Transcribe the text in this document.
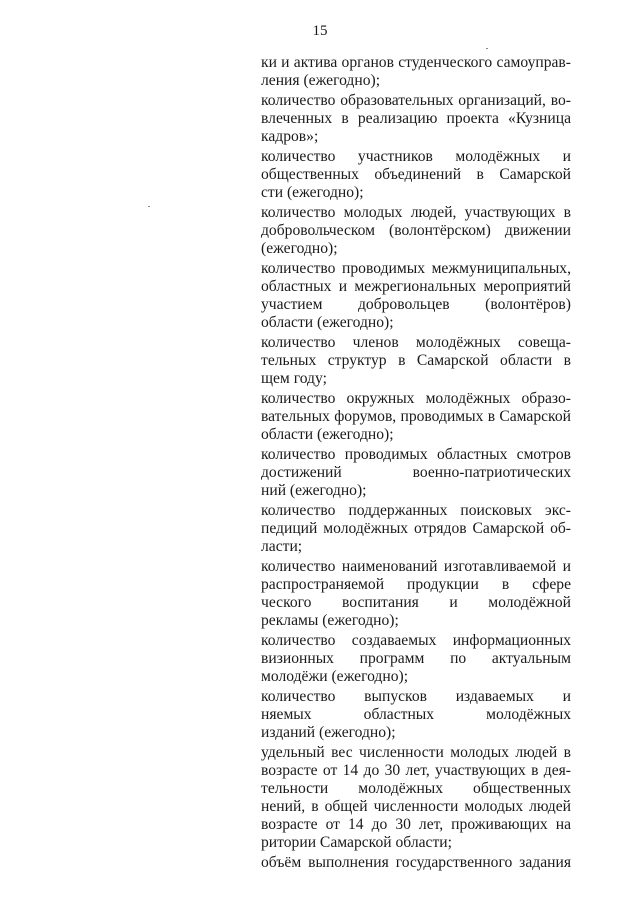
15
ки и актива органов студенческого самоуправ-
ления (ежегодно);
количество образовательных организаций, во-
влеченных в реализацию проекта «Кузница
кадров»;
количество участников молодёжных и
общественных объединений в Самарской
сти (ежегодно);
количество молодых людей, участвующих в
добровольческом (волонтёрском) движении
(ежегодно);
количество проводимых межмуниципальных,
областных и межрегиональных мероприятий
участием добровольцев (волонтёров)
области (ежегодно);
количество членов молодёжных совеща-
тельных структур в Самарской области в
щем году;
количество окружных молодёжных образо-
вательных форумов, проводимых в Самарской
области (ежегодно);
количество проводимых областных смотров
достижений военно-патриотических
ний (ежегодно);
количество поддержанных поисковых экс-
педиций молодёжных отрядов Самарской об-
ласти;
количество наименований изготавливаемой и
распространяемой продукции в сфере
ческого воспитания и молодёжной
рекламы (ежегодно);
количество создаваемых информационных
визионных программ по актуальным
молодёжи (ежегодно);
количество выпусков издаваемых и
няемых областных молодёжных
изданий (ежегодно);
удельный вес численности молодых людей в
возрасте от 14 до 30 лет, участвующих в дея-
тельности молодёжных общественных
нений, в общей численности молодых людей
возрасте от 14 до 30 лет, проживающих на
ритории Самарской области;
объём выполнения государственного задания
